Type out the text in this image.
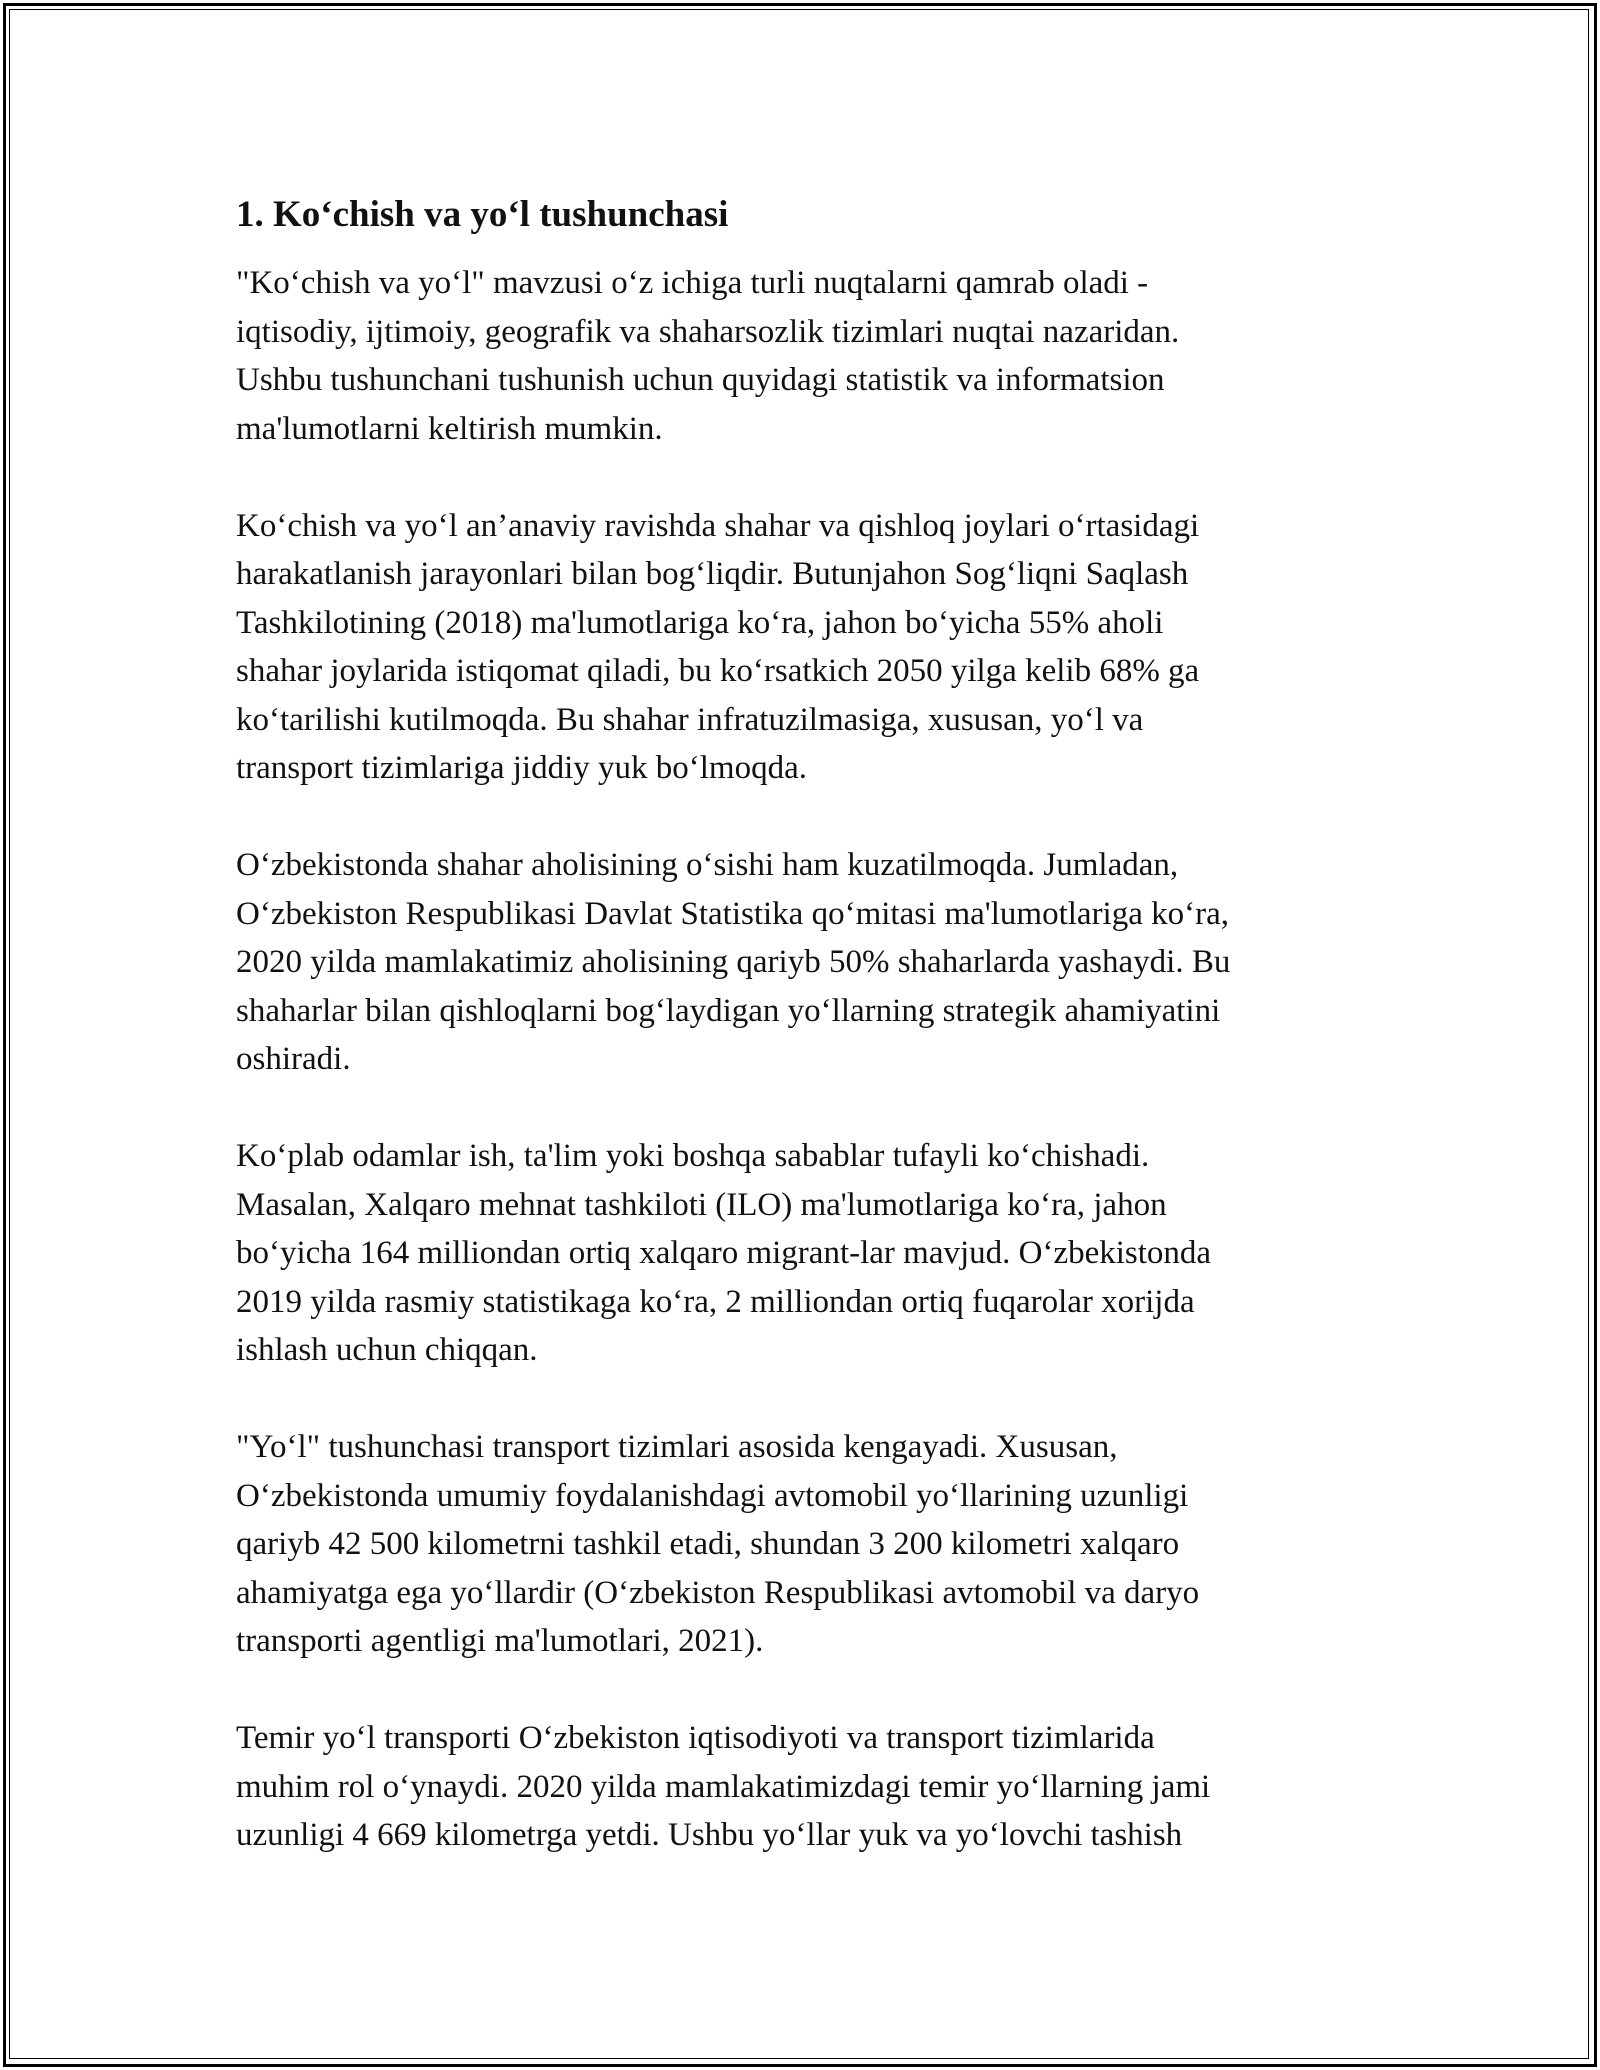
1. Ko‘chish va yo‘l tushunchasi

"Ko‘chish va yo‘l" mavzusi o‘z ichiga turli nuqtalarni qamrab oladi -
iqtisodiy, ijtimoiy, geografik va shaharsozlik tizimlari nuqtai nazaridan.
Ushbu tushunchani tushunish uchun quyidagi statistik va informatsion
ma'lumotlarni keltirish mumkin.

Ko‘chish va yo‘l an’anaviy ravishda shahar va qishloq joylari o‘rtasidagi
harakatlanish jarayonlari bilan bog‘liqdir. Butunjahon Sog‘liqni Saqlash
Tashkilotining (2018) ma'lumotlariga ko‘ra, jahon bo‘yicha 55% aholi
shahar joylarida istiqomat qiladi, bu ko‘rsatkich 2050 yilga kelib 68% ga
ko‘tarilishi kutilmoqda. Bu shahar infratuzilmasiga, xususan, yo‘l va
transport tizimlariga jiddiy yuk bo‘lmoqda.

O‘zbekistonda shahar aholisining o‘sishi ham kuzatilmoqda. Jumladan,
O‘zbekiston Respublikasi Davlat Statistika qo‘mitasi ma'lumotlariga ko‘ra,
2020 yilda mamlakatimiz aholisining qariyb 50% shaharlarda yashaydi. Bu
shaharlar bilan qishloqlarni bog‘laydigan yo‘llarning strategik ahamiyatini
oshiradi.

Ko‘plab odamlar ish, ta'lim yoki boshqa sabablar tufayli ko‘chishadi.
Masalan, Xalqaro mehnat tashkiloti (ILO) ma'lumotlariga ko‘ra, jahon
bo‘yicha 164 milliondan ortiq xalqaro migrant-lar mavjud. O‘zbekistonda
2019 yilda rasmiy statistikaga ko‘ra, 2 milliondan ortiq fuqarolar xorijda
ishlash uchun chiqqan.

"Yo‘l" tushunchasi transport tizimlari asosida kengayadi. Xususan,
O‘zbekistonda umumiy foydalanishdagi avtomobil yo‘llarining uzunligi
qariyb 42 500 kilometrni tashkil etadi, shundan 3 200 kilometri xalqaro
ahamiyatga ega yo‘llardir (O‘zbekiston Respublikasi avtomobil va daryo
transporti agentligi ma'lumotlari, 2021).

Temir yo‘l transporti O‘zbekiston iqtisodiyoti va transport tizimlarida
muhim rol o‘ynaydi. 2020 yilda mamlakatimizdagi temir yo‘llarning jami
uzunligi 4 669 kilometrga yetdi. Ushbu yo‘llar yuk va yo‘lovchi tashish
